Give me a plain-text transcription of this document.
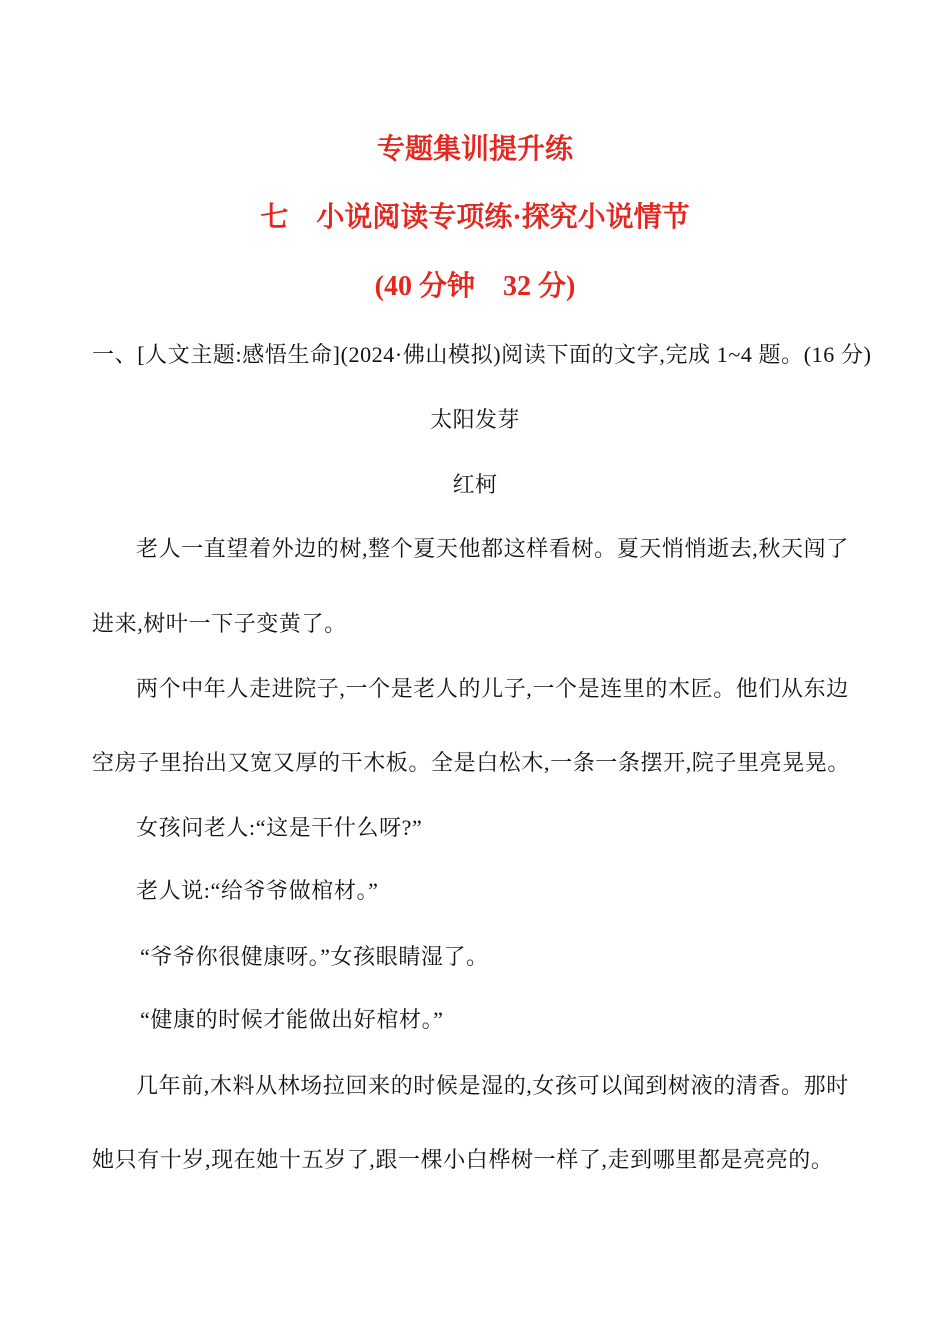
专题集训提升练
七　小说阅读专项练·探究小说情节
(40 分钟　32 分)
一、[人文主题:感悟生命](2024·佛山模拟)阅读下面的文字,完成 1~4 题。(16 分)
太阳发芽
红柯
老人一直望着外边的树,整个夏天他都这样看树。夏天悄悄逝去,秋天闯了
进来,树叶一下子变黄了。
两个中年人走进院子,一个是老人的儿子,一个是连里的木匠。他们从东边
空房子里抬出又宽又厚的干木板。全是白松木,一条一条摆开,院子里亮晃晃。
女孩问老人:“这是干什么呀?”
老人说:“给爷爷做棺材。”
“爷爷你很健康呀。”女孩眼睛湿了。
“健康的时候才能做出好棺材。”
几年前,木料从林场拉回来的时候是湿的,女孩可以闻到树液的清香。那时
她只有十岁,现在她十五岁了,跟一棵小白桦树一样了,走到哪里都是亮亮的。
